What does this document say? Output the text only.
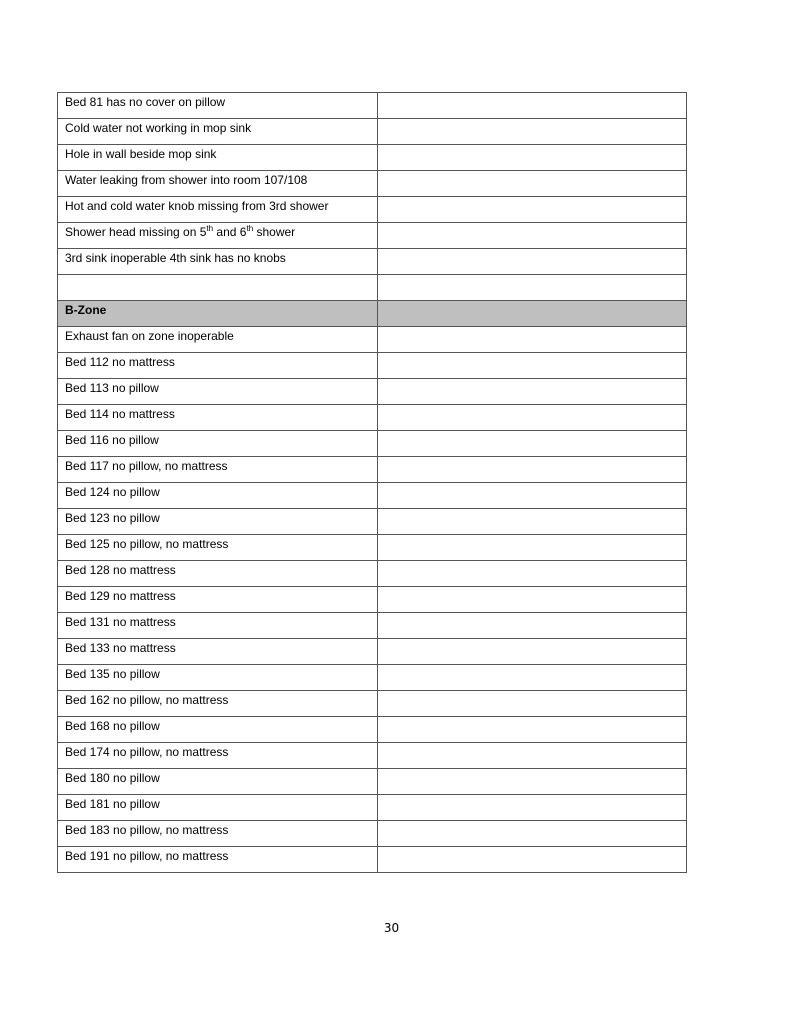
Bed 81 has no cover on pillow	
Cold water not working in mop sink	
Hole in wall beside mop sink	
Water leaking from shower into room 107/108	
Hot and cold water knob missing from 3rd shower	
Shower head missing on 5th and 6th shower	
3rd sink inoperable 4th sink has no knobs	

B-Zone	
Exhaust fan on zone inoperable	
Bed 112 no mattress	
Bed 113 no pillow	
Bed 114 no mattress	
Bed 116 no pillow	
Bed 117 no pillow, no mattress	
Bed 124 no pillow	
Bed 123 no pillow	
Bed 125 no pillow, no mattress	
Bed 128 no mattress	
Bed 129 no mattress	
Bed 131 no mattress	
Bed 133 no mattress	
Bed 135 no pillow	
Bed 162 no pillow, no mattress	
Bed 168 no pillow	
Bed 174 no pillow, no mattress	
Bed 180 no pillow	
Bed 181 no pillow	
Bed 183 no pillow, no mattress	
Bed 191 no pillow, no mattress	
30
